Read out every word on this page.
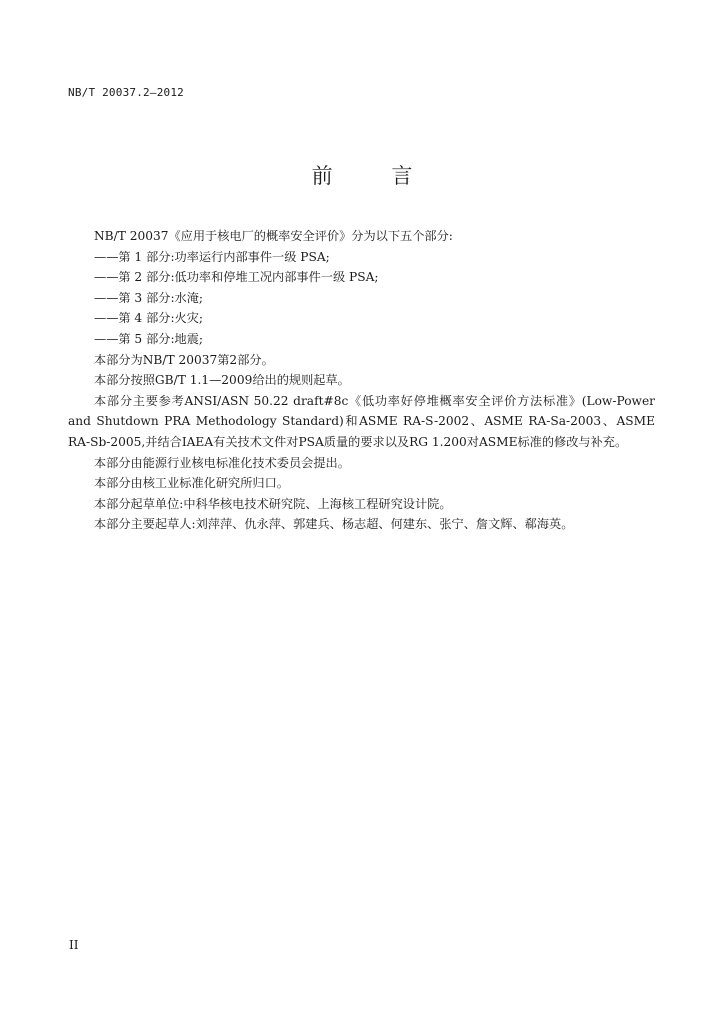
NB/T 20037.2—2012
前 言

NB/T 20037《应用于核电厂的概率安全评价》分为以下五个部分:

——第 1 部分:功率运行内部事件一级 PSA;

——第 2 部分:低功率和停堆工况内部事件一级 PSA;

——第 3 部分:水淹;

——第 4 部分:火灾;

——第 5 部分:地震;

本部分为NB/T 20037第2部分。

本部分按照GB/T 1.1—2009给出的规则起草。

本部分主要参考ANSI/ASN 50.22 draft#8c《低功率好停堆概率安全评价方法标准》(Low-Power and Shutdown PRA Methodology Standard)和ASME RA-S-2002、ASME RA-Sa-2003、ASME RA-Sb-2005,并结合IAEA有关技术文件对PSA质量的要求以及RG 1.200对ASME标准的修改与补充。

本部分由能源行业核电标准化技术委员会提出。

本部分由核工业标准化研究所归口。

本部分起草单位:中科华核电技术研究院、上海核工程研究设计院。

本部分主要起草人:刘萍萍、仇永萍、郭建兵、杨志超、何建东、张宁、詹文辉、郗海英。

II
